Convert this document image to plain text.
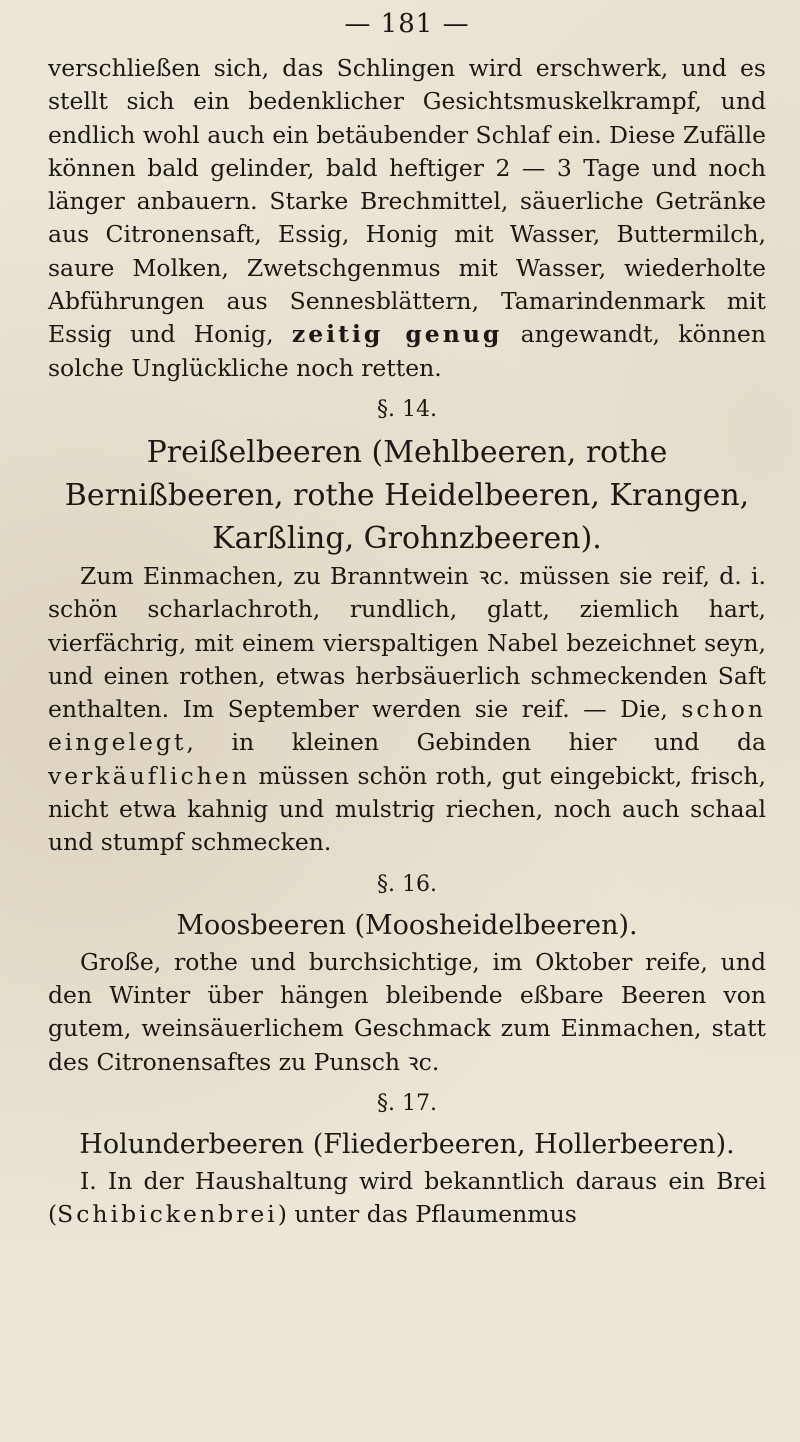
— 181 —

verschließen sich, das Schlingen wird erschwerk, und es stellt sich ein bedenklicher Gesichtsmuskelkrampf, und endlich wohl auch ein betäubender Schlaf ein. Diese Zufälle können bald gelinder, bald heftiger 2 — 3 Tage und noch länger anbauern. Starke Brechmittel, säuerliche Getränke aus Citronensaft, Essig, Honig mit Wasser, Buttermilch, saure Molken, Zwetschgenmus mit Wasser, wiederholte Abführungen aus Sennesblättern, Tamarindenmark mit Essig und Honig, zeitig genug angewandt, können solche Unglückliche noch retten.

§. 14.

Preißelbeeren (Mehlbeeren, rothe Bernißbeeren, rothe Heidelbeeren, Krangen, Karßling, Grohnzbeeren).

Zum Einmachen, zu Branntwein ꝛc. müssen sie reif, d. i. schön scharlachroth, rundlich, glatt, ziemlich hart, vierfächrig, mit einem vierspaltigen Nabel bezeichnet seyn, und einen rothen, etwas herbsäuerlich schmeckenden Saft enthalten. Im September werden sie reif. — Die, schon eingelegt, in kleinen Gebinden hier und da verkäuflichen müssen schön roth, gut eingebickt, frisch, nicht etwa kahnig und mulstrig riechen, noch auch schaal und stumpf schmecken.

§. 16.

Moosbeeren (Mooshеidelbeeren).

Große, rothe und burchsichtige, im Oktober reife, und den Winter über hängen bleibende eßbare Beeren von gutem, weinsäuerlichem Geschmack zum Einmachen, statt des Citronensaftes zu Punsch ꝛc.

§. 17.

Holunderbeeren (Fliederbeeren, Hollerbeeren).

I. In der Haushaltung wird bekanntlich daraus ein Brei (Schibickenbrei) unter das Pflaumenmus
